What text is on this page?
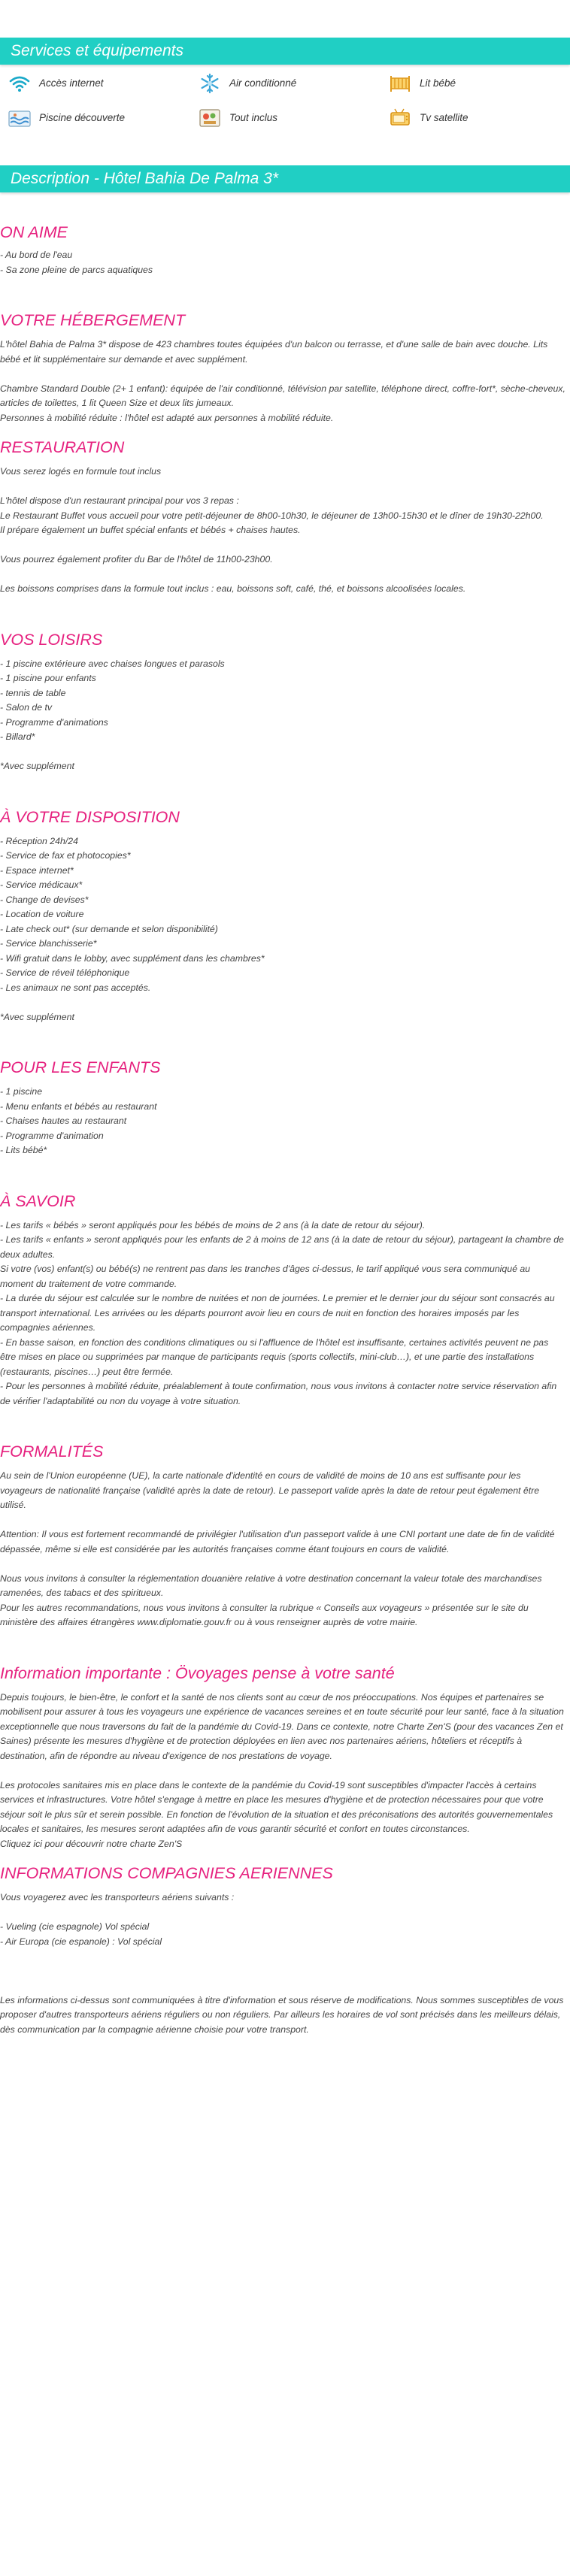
Services et équipements
Accès internet	Air conditionné	Lit bébé
Piscine découverte	Tout inclus	Tv satellite
Description - Hôtel Bahia De Palma 3*
ON AIME

- Au bord de l'eau
- Sa zone pleine de parcs aquatiques

VOTRE HÉBERGEMENT

L'hôtel Bahia de Palma 3* dispose de 423 chambres toutes équipées d'un balcon ou terrasse, et d'une salle de bain avec douche. Lits bébé et lit supplémentaire sur demande et avec supplément.

Chambre Standard Double (2+ 1 enfant): équipée de l'air conditionné, télévision par satellite, téléphone direct, coffre-fort*, sèche-cheveux, articles de toilettes, 1 lit Queen Size et deux lits jumeaux.
Personnes à mobilité réduite : l'hôtel est adapté aux personnes à mobilité réduite.

RESTAURATION

Vous serez logés en formule tout inclus

L'hôtel dispose d'un restaurant principal pour vos 3 repas :
Le Restaurant Buffet vous accueil pour votre petit-déjeuner de 8h00-10h30, le déjeuner de 13h00-15h30 et le dîner de 19h30-22h00.
Il prépare également un buffet spécial enfants et bébés + chaises hautes.

Vous pourrez également profiter du Bar de l'hôtel de 11h00-23h00.

Les boissons comprises dans la formule tout inclus : eau, boissons soft, café, thé, et boissons alcoolisées locales.

VOS LOISIRS

- 1 piscine extérieure avec chaises longues et parasols
- 1 piscine pour enfants
- tennis de table
- Salon de tv
- Programme d'animations
- Billard*

*Avec supplément

À VOTRE DISPOSITION

- Réception 24h/24
- Service de fax et photocopies*
- Espace internet*
- Service médicaux*
- Change de devises*
- Location de voiture
- Late check out* (sur demande et selon disponibilité)
- Service blanchisserie*
- Wifi gratuit dans le lobby, avec supplément dans les chambres*
- Service de réveil téléphonique
- Les animaux ne sont pas acceptés.

*Avec supplément

POUR LES ENFANTS

- 1 piscine
- Menu enfants et bébés au restaurant
- Chaises hautes au restaurant
- Programme d'animation
- Lits bébé*

À SAVOIR

- Les tarifs « bébés » seront appliqués pour les bébés de moins de 2 ans (à la date de retour du séjour).
- Les tarifs « enfants » seront appliqués pour les enfants de 2 à moins de 12 ans (à la date de retour du séjour), partageant la chambre de deux adultes.
Si votre (vos) enfant(s) ou bébé(s) ne rentrent pas dans les tranches d'âges ci-dessus, le tarif appliqué vous sera communiqué au moment du traitement de votre commande.
- La durée du séjour est calculée sur le nombre de nuitées et non de journées. Le premier et le dernier jour du séjour sont consacrés au transport international. Les arrivées ou les départs pourront avoir lieu en cours de nuit en fonction des horaires imposés par les compagnies aériennes.
- En basse saison, en fonction des conditions climatiques ou si l'affluence de l'hôtel est insuffisante, certaines activités peuvent ne pas être mises en place ou supprimées par manque de participants requis (sports collectifs, mini-club…), et une partie des installations (restaurants, piscines…) peut être fermée.
- Pour les personnes à mobilité réduite, préalablement à toute confirmation, nous vous invitons à contacter notre service réservation afin de vérifier l'adaptabilité ou non du voyage à votre situation.

FORMALITÉS

Au sein de l'Union européenne (UE), la carte nationale d'identité en cours de validité de moins de 10 ans est suffisante pour les voyageurs de nationalité française (validité après la date de retour). Le passeport valide après la date de retour peut également être utilisé.

Attention: Il vous est fortement recommandé de privilégier l'utilisation d'un passeport valide à une CNI portant une date de fin de validité dépassée, même si elle est considérée par les autorités françaises comme étant toujours en cours de validité.

Nous vous invitons à consulter la réglementation douanière relative à votre destination concernant la valeur totale des marchandises ramenées, des tabacs et des spiritueux.
Pour les autres recommandations, nous vous invitons à consulter la rubrique « Conseils aux voyageurs » présentée sur le site du ministère des affaires étrangères www.diplomatie.gouv.fr ou à vous renseigner auprès de votre mairie.

Information importante : Övoyages pense à votre santé

Depuis toujours, le bien-être, le confort et la santé de nos clients sont au cœur de nos préoccupations. Nos équipes et partenaires se mobilisent pour assurer à tous les voyageurs une expérience de vacances sereines et en toute sécurité pour leur santé, face à la situation exceptionnelle que nous traversons du fait de la pandémie du Covid-19. Dans ce contexte, notre Charte Zen'S (pour des vacances Zen et Saines) présente les mesures d'hygiène et de protection déployées en lien avec nos partenaires aériens, hôteliers et réceptifs à destination, afin de répondre au niveau d'exigence de nos prestations de voyage.

Les protocoles sanitaires mis en place dans le contexte de la pandémie du Covid-19 sont susceptibles d'impacter l'accès à certains services et infrastructures. Votre hôtel s'engage à mettre en place les mesures d'hygiène et de protection nécessaires pour que votre séjour soit le plus sûr et serein possible. En fonction de l'évolution de la situation et des préconisations des autorités gouvernementales locales et sanitaires, les mesures seront adaptées afin de vous garantir sécurité et confort en toutes circonstances.
Cliquez ici pour découvrir notre charte Zen'S

INFORMATIONS COMPAGNIES AERIENNES

Vous voyagerez avec les transporteurs aériens suivants :

- Vueling (cie espagnole) Vol spécial
- Air Europa (cie espanole) : Vol spécial

Les informations ci-dessus sont communiquées à titre d'information et sous réserve de modifications. Nous sommes susceptibles de vous proposer d'autres transporteurs aériens réguliers ou non réguliers. Par ailleurs les horaires de vol sont précisés dans les meilleurs délais, dès communication par la compagnie aérienne choisie pour votre transport.
